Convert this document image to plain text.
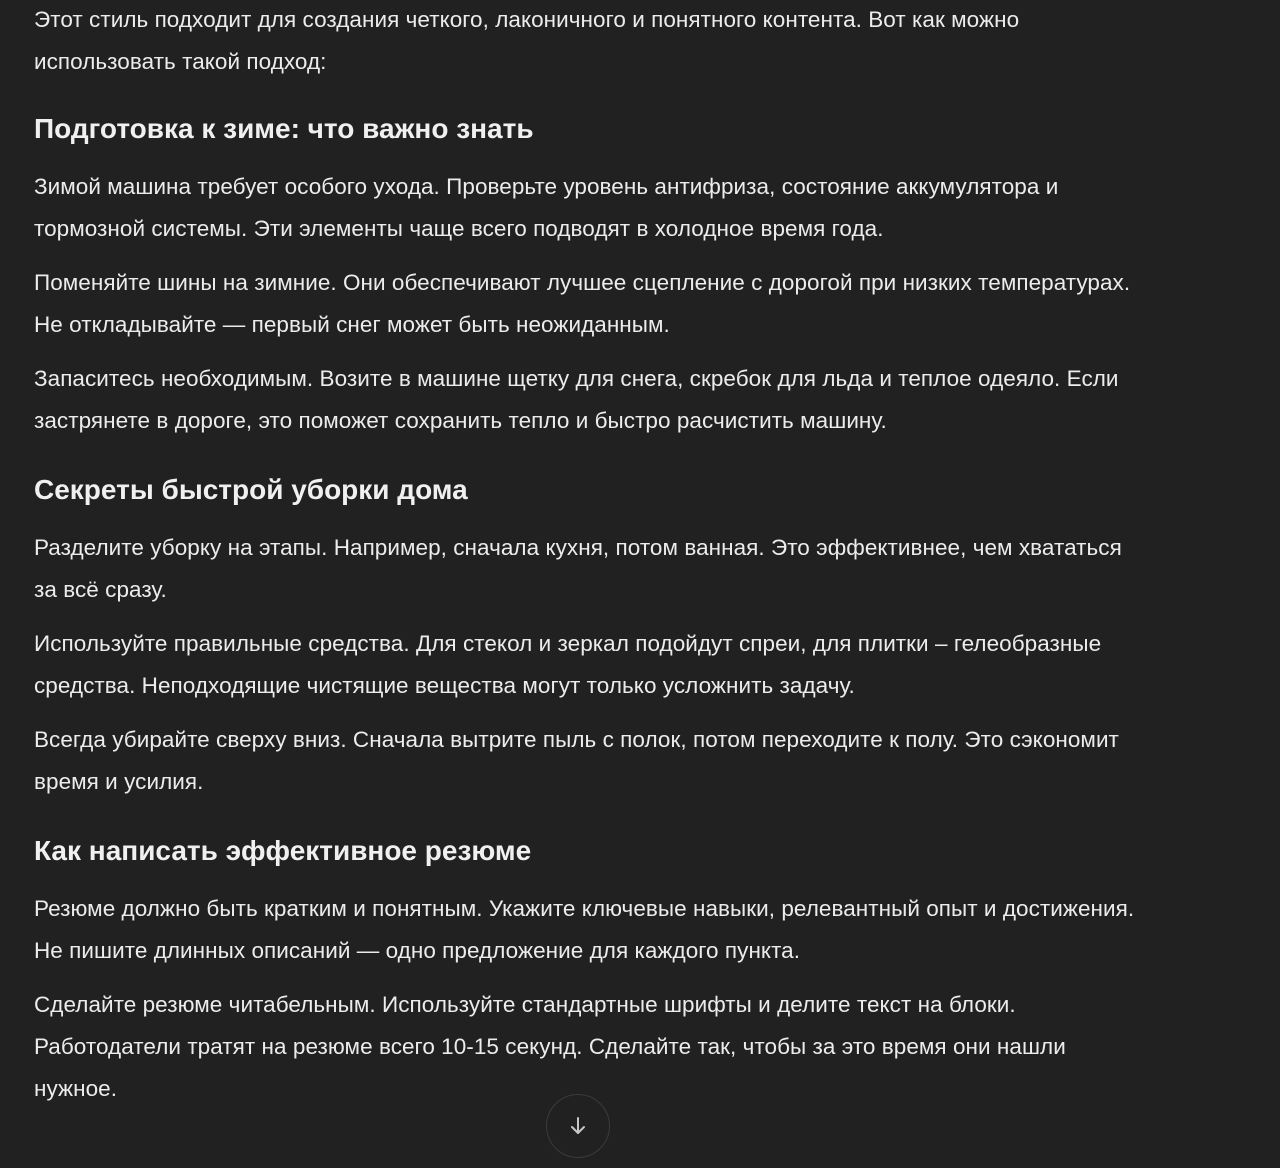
Этот стиль подходит для создания четкого, лаконичного и понятного контента. Вот как можно использовать такой подход:

Подготовка к зиме: что важно знать

Зимой машина требует особого ухода. Проверьте уровень антифриза, состояние аккумулятора и тормозной системы. Эти элементы чаще всего подводят в холодное время года.

Поменяйте шины на зимние. Они обеспечивают лучшее сцепление с дорогой при низких температурах. Не откладывайте — первый снег может быть неожиданным.

Запаситесь необходимым. Возите в машине щетку для снега, скребок для льда и теплое одеяло. Если застрянете в дороге, это поможет сохранить тепло и быстро расчистить машину.

Секреты быстрой уборки дома

Разделите уборку на этапы. Например, сначала кухня, потом ванная. Это эффективнее, чем хвататься за всё сразу.

Используйте правильные средства. Для стекол и зеркал подойдут спреи, для плитки – гелеобразные средства. Неподходящие чистящие вещества могут только усложнить задачу.

Всегда убирайте сверху вниз. Сначала вытрите пыль с полок, потом переходите к полу. Это сэкономит время и усилия.

Как написать эффективное резюме

Резюме должно быть кратким и понятным. Укажите ключевые навыки, релевантный опыт и достижения. Не пишите длинных описаний — одно предложение для каждого пункта.

Сделайте резюме читабельным. Используйте стандартные шрифты и делите текст на блоки. Работодатели тратят на резюме всего 10-15 секунд. Сделайте так, чтобы за это время они нашли нужное.
